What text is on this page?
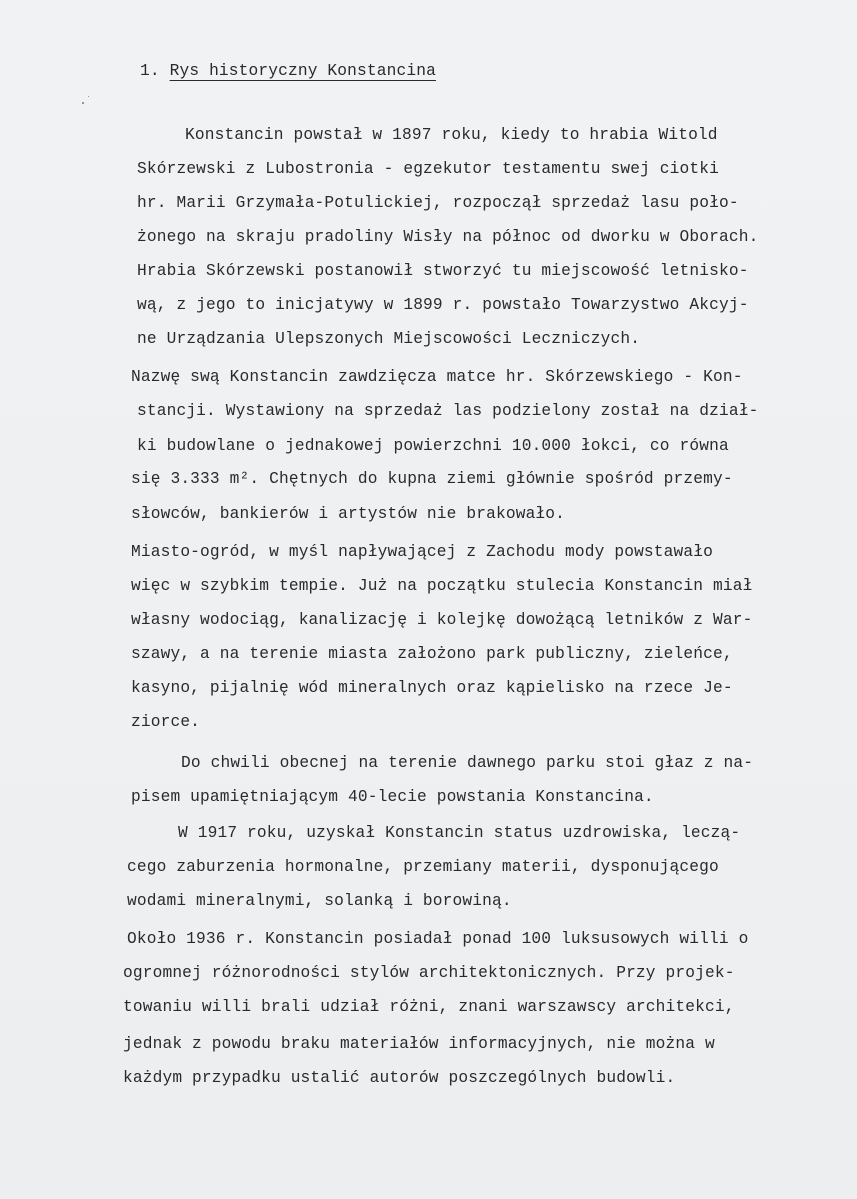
1. Rys historyczny Konstancina
Konstancin powstał w 1897 roku, kiedy to hrabia Witold
Skórzewski z Lubostronia - egzekutor testamentu swej ciotki
hr. Marii Grzymała-Potulickiej, rozpoczął sprzedaż lasu poło-
żonego na skraju pradoliny Wisły na północ od dworku w Oborach.
Hrabia Skórzewski postanowił stworzyć tu miejscowość letnisko-
wą, z jego to inicjatywy w 1899 r. powstało Towarzystwo Akcyj-
ne Urządzania Ulepszonych Miejscowości Leczniczych.
Nazwę swą Konstancin zawdzięcza matce hr. Skórzewskiego - Kon-
stancji. Wystawiony na sprzedaż las podzielony został na dział-
ki budowlane o jednakowej powierzchni 10.000 łokci, co równa
się 3.333 m². Chętnych do kupna ziemi głównie spośród przemy-
słowców, bankierów i artystów nie brakowało.
Miasto-ogród, w myśl napływającej z Zachodu mody powstawało
więc w szybkim tempie. Już na początku stulecia Konstancin miał
własny wodociąg, kanalizację i kolejkę dowożącą letników z War-
szawy, a na terenie miasta założono park publiczny, zieleńce,
kasyno, pijalnię wód mineralnych oraz kąpielisko na rzece Je-
ziorce.
Do chwili obecnej na terenie dawnego parku stoi głaz z na-
pisem upamiętniającym 40-lecie powstania Konstancina.
W 1917 roku, uzyskał Konstancin status uzdrowiska, leczą-
cego zaburzenia hormonalne, przemiany materii, dysponującego
wodami mineralnymi, solanką i borowiną.
Około 1936 r. Konstancin posiadał ponad 100 luksusowych willi o
ogromnej różnorodności stylów architektonicznych. Przy projek-
towaniu willi brali udział różni, znani warszawscy architekci,
jednak z powodu braku materiałów informacyjnych, nie można w
każdym przypadku ustalić autorów poszczególnych budowli.
